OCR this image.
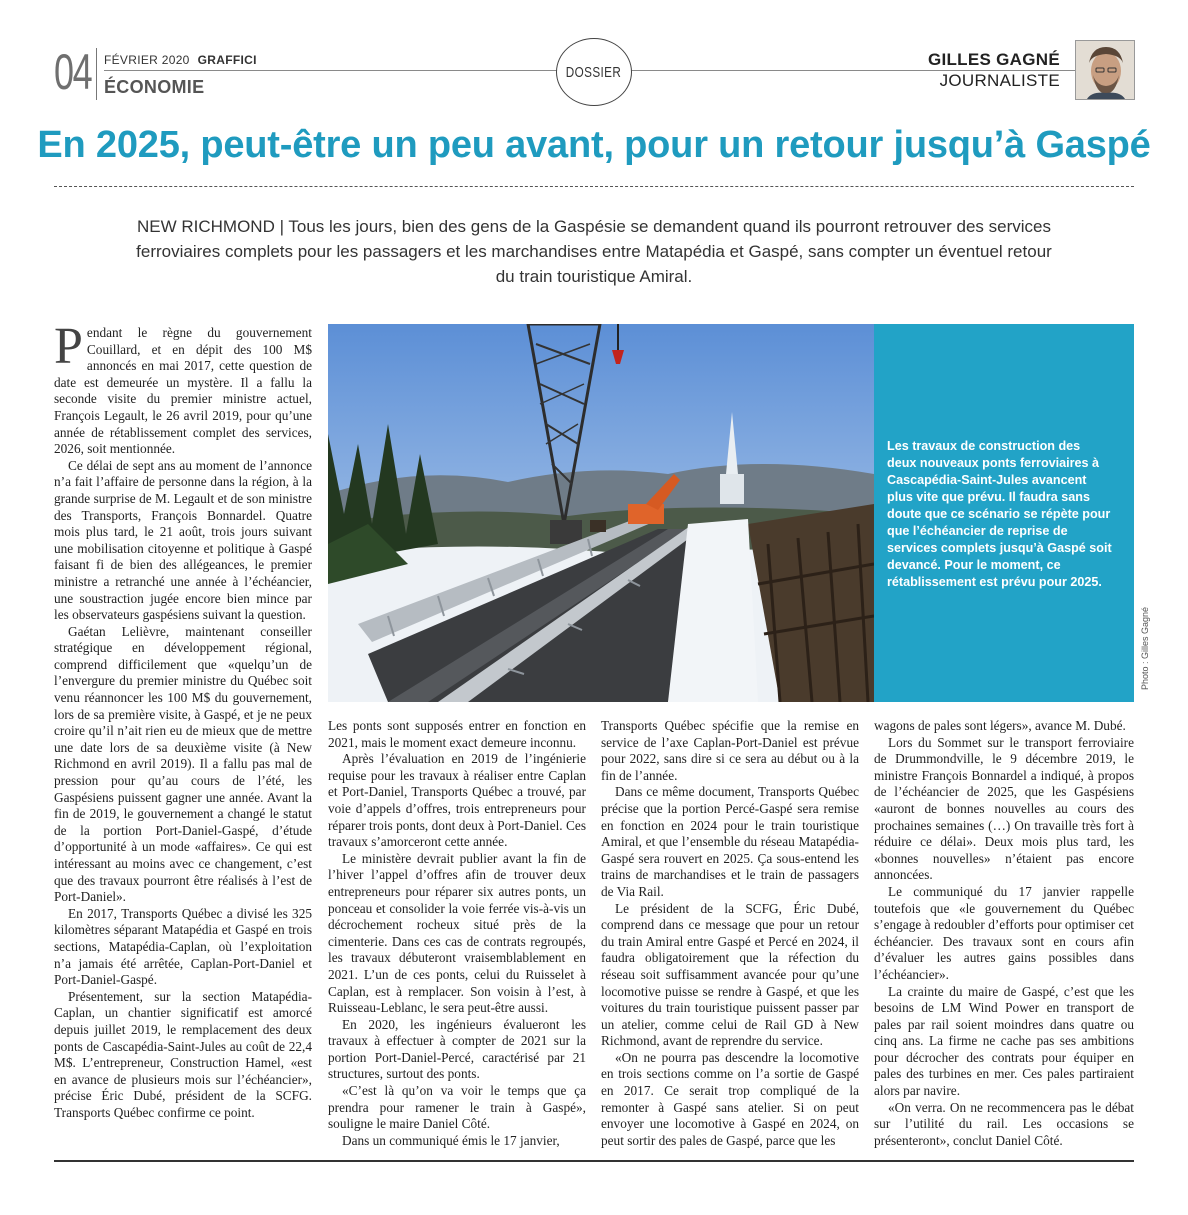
04 FÉVRIER 2020 GRAFFICI
ÉCONOMIE
DOSSIER
GILLES GAGNÉ
JOURNALISTE
En 2025, peut-être un peu avant, pour un retour jusqu’à Gaspé

NEW RICHMOND | Tous les jours, bien des gens de la Gaspésie se demandent quand ils pourront retrouver des services ferroviaires complets pour les passagers et les marchandises entre Matapédia et Gaspé, sans compter un éventuel retour du train touristique Amiral.

Pendant le règne du gouvernement Couillard, et en dépit des 100 M$ annoncés en mai 2017, cette question de date est demeurée un mystère. Il a fallu la seconde visite du premier ministre actuel, François Legault, le 26 avril 2019, pour qu’une année de rétablissement complet des services, 2026, soit mentionnée.

Ce délai de sept ans au moment de l’annonce n’a fait l’affaire de personne dans la région, à la grande surprise de M. Legault et de son ministre des Transports, François Bonnardel. Quatre mois plus tard, le 21 août, trois jours suivant une mobilisation citoyenne et politique à Gaspé faisant fi de bien des allégeances, le premier ministre a retranché une année à l’échéancier, une soustraction jugée encore bien mince par les observateurs gaspésiens suivant la question.

Gaétan Lelièvre, maintenant conseiller stratégique en développement régional, comprend difficilement que «quelqu’un de l’envergure du premier ministre du Québec soit venu réannoncer les 100 M$ du gouvernement, lors de sa première visite, à Gaspé, et je ne peux croire qu’il n’ait rien eu de mieux que de mettre une date lors de sa deuxième visite (à New Richmond en avril 2019). Il a fallu pas mal de pression pour qu’au cours de l’été, les Gaspésiens puissent gagner une année. Avant la fin de 2019, le gouvernement a changé le statut de la portion Port-Daniel-Gaspé, d’étude d’opportunité à un mode «affaires». Ce qui est intéressant au moins avec ce changement, c’est que des travaux pourront être réalisés à l’est de Port-Daniel».

En 2017, Transports Québec a divisé les 325 kilomètres séparant Matapédia et Gaspé en trois sections, Matapédia-Caplan, où l’exploitation n’a jamais été arrêtée, Caplan-Port-Daniel et Port-Daniel-Gaspé.

Présentement, sur la section Matapédia-Caplan, un chantier significatif est amorcé depuis juillet 2019, le remplacement des deux ponts de Cascapédia-Saint-Jules au coût de 22,4 M$. L’entrepreneur, Construction Hamel, «est en avance de plusieurs mois sur l’échéancier», précise Éric Dubé, président de la SCFG. Transports Québec confirme ce point.

Les travaux de construction des deux nouveaux ponts ferroviaires à Cascapédia-Saint-Jules avancent plus vite que prévu. Il faudra sans doute que ce scénario se répète pour que l’échéancier de reprise de services complets jusqu’à Gaspé soit devancé. Pour le moment, ce rétablissement est prévu pour 2025.

Photo : Gilles Gagné

Les ponts sont supposés entrer en fonction en 2021, mais le moment exact demeure inconnu.

Après l’évaluation en 2019 de l’ingénierie requise pour les travaux à réaliser entre Caplan et Port-Daniel, Transports Québec a trouvé, par voie d’appels d’offres, trois entrepreneurs pour réparer trois ponts, dont deux à Port-Daniel. Ces travaux s’amorceront cette année.

Le ministère devrait publier avant la fin de l’hiver l’appel d’offres afin de trouver deux entrepreneurs pour réparer six autres ponts, un ponceau et consolider la voie ferrée vis-à-vis un décrochement rocheux situé près de la cimenterie. Dans ces cas de contrats regroupés, les travaux débuteront vraisemblablement en 2021. L’un de ces ponts, celui du Ruisselet à Caplan, est à remplacer. Son voisin à l’est, à Ruisseau-Leblanc, le sera peut-être aussi.

En 2020, les ingénieurs évalueront les travaux à effectuer à compter de 2021 sur la portion Port-Daniel-Percé, caractérisé par 21 structures, surtout des ponts.

«C’est là qu’on va voir le temps que ça prendra pour ramener le train à Gaspé», souligne le maire Daniel Côté.

Dans un communiqué émis le 17 janvier,

Transports Québec spécifie que la remise en service de l’axe Caplan-Port-Daniel est prévue pour 2022, sans dire si ce sera au début ou à la fin de l’année.

Dans ce même document, Transports Québec précise que la portion Percé-Gaspé sera remise en fonction en 2024 pour le train touristique Amiral, et que l’ensemble du réseau Matapédia-Gaspé sera rouvert en 2025. Ça sous-entend les trains de marchandises et le train de passagers de Via Rail.

Le président de la SCFG, Éric Dubé, comprend dans ce message que pour un retour du train Amiral entre Gaspé et Percé en 2024, il faudra obligatoirement que la réfection du réseau soit suffisamment avancée pour qu’une locomotive puisse se rendre à Gaspé, et que les voitures du train touristique puissent passer par un atelier, comme celui de Rail GD à New Richmond, avant de reprendre du service.

«On ne pourra pas descendre la locomotive en trois sections comme on l’a sortie de Gaspé en 2017. Ce serait trop compliqué de la remonter à Gaspé sans atelier. Si on peut envoyer une locomotive à Gaspé en 2024, on peut sortir des pales de Gaspé, parce que les

wagons de pales sont légers», avance M. Dubé.

Lors du Sommet sur le transport ferroviaire de Drummondville, le 9 décembre 2019, le ministre François Bonnardel a indiqué, à propos de l’échéancier de 2025, que les Gaspésiens «auront de bonnes nouvelles au cours des prochaines semaines (…) On travaille très fort à réduire ce délai». Deux mois plus tard, les «bonnes nouvelles» n’étaient pas encore annoncées.

Le communiqué du 17 janvier rappelle toutefois que «le gouvernement du Québec s’engage à redoubler d’efforts pour optimiser cet échéancier. Des travaux sont en cours afin d’évaluer les autres gains possibles dans l’échéancier».

La crainte du maire de Gaspé, c’est que les besoins de LM Wind Power en transport de pales par rail soient moindres dans quatre ou cinq ans. La firme ne cache pas ses ambitions pour décrocher des contrats pour équiper en pales des turbines en mer. Ces pales partiraient alors par navire.

«On verra. On ne recommencera pas le débat sur l’utilité du rail. Les occasions se présenteront», conclut Daniel Côté.
